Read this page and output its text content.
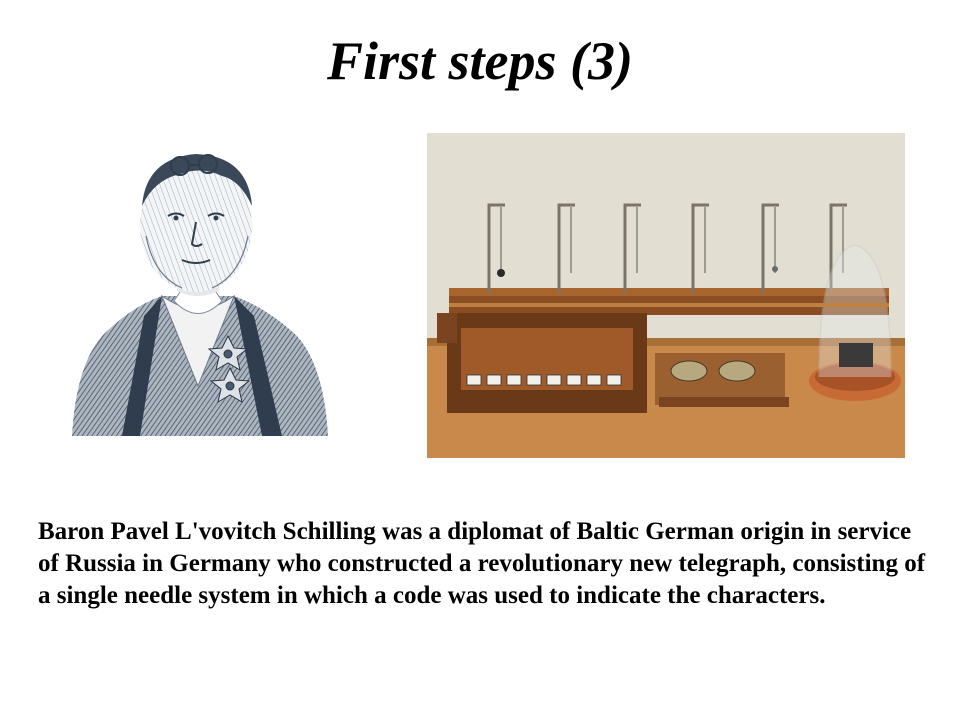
First steps (3)

Baron Pavel L'vovitch Schilling was a diplomat of Baltic German origin in service of Russia in Germany who constructed a revolutionary new telegraph, consisting of a single needle system in which a code was used to indicate the characters.
